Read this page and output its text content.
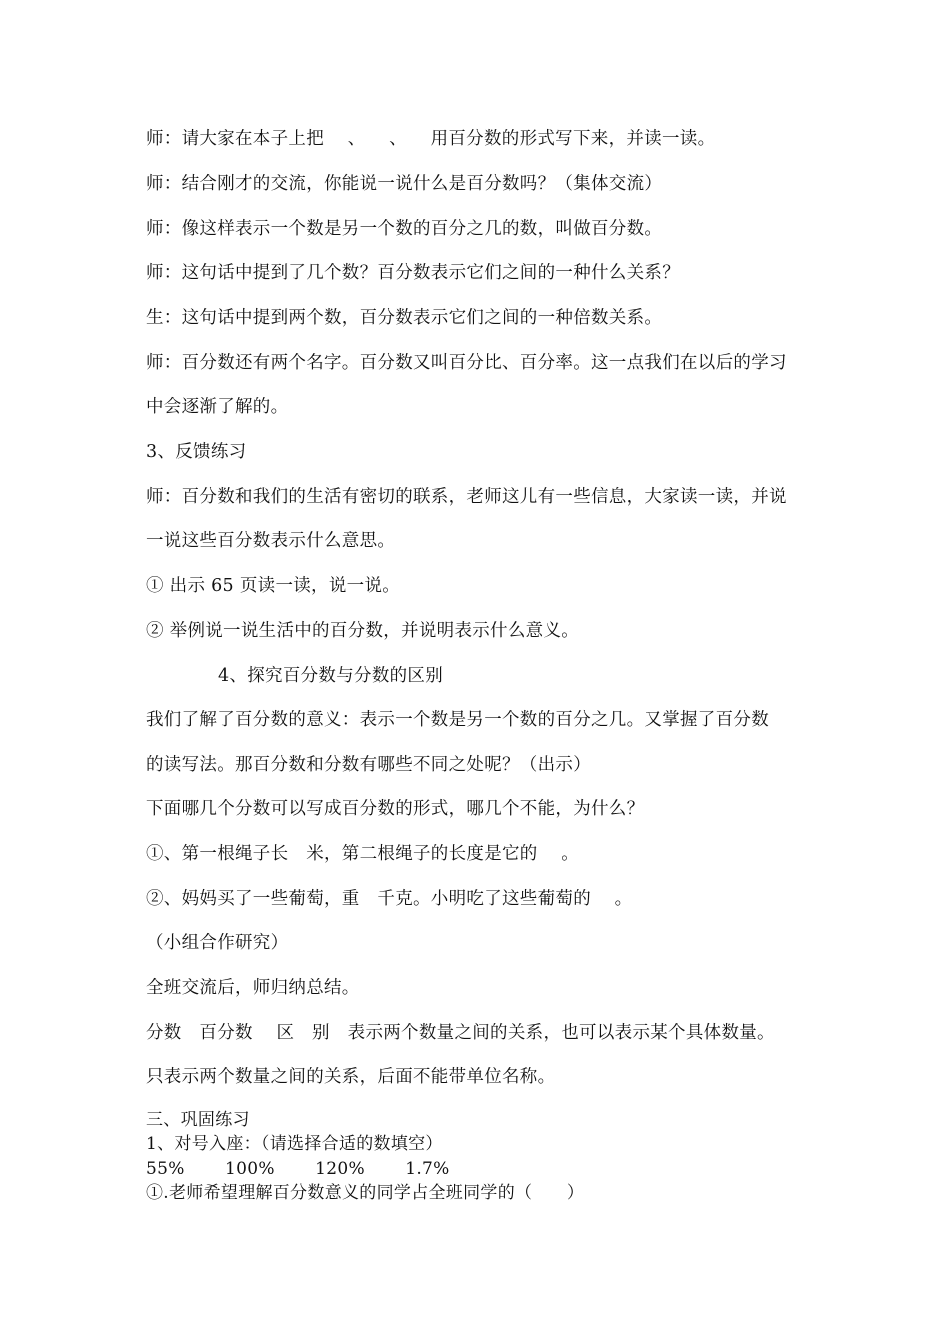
师：请大家在本子上把　 、 　、 　用百分数的形式写下来，并读一读。
师：结合刚才的交流，你能说一说什么是百分数吗？（集体交流）
师：像这样表示一个数是另一个数的百分之几的数，叫做百分数。
师：这句话中提到了几个数？百分数表示它们之间的一种什么关系？
生：这句话中提到两个数，百分数表示它们之间的一种倍数关系。
师：百分数还有两个名字。百分数又叫百分比、百分率。这一点我们在以后的学习
中会逐渐了解的。
3、反馈练习
师：百分数和我们的生活有密切的联系，老师这儿有一些信息，大家读一读，并说
一说这些百分数表示什么意思。
① 出示 65 页读一读，说一说。
② 举例说一说生活中的百分数，并说明表示什么意义。
4、探究百分数与分数的区别
我们了解了百分数的意义：表示一个数是另一个数的百分之几。又掌握了百分数
的读写法。那百分数和分数有哪些不同之处呢？（出示）
下面哪几个分数可以写成百分数的形式，哪几个不能，为什么？
①、第一根绳子长　米，第二根绳子的长度是它的　 。
②、妈妈买了一些葡萄，重　千克。小明吃了这些葡萄的　 。
（小组合作研究）
全班交流后，师归纳总结。
分数　百分数　 区　别　表示两个数量之间的关系，也可以表示某个具体数量。
只表示两个数量之间的关系，后面不能带单位名称。
三、巩固练习
1、对号入座：（请选择合适的数填空）
55%　　 100%　　 120%　　 1.7%
①.老师希望理解百分数意义的同学占全班同学的（　　）
